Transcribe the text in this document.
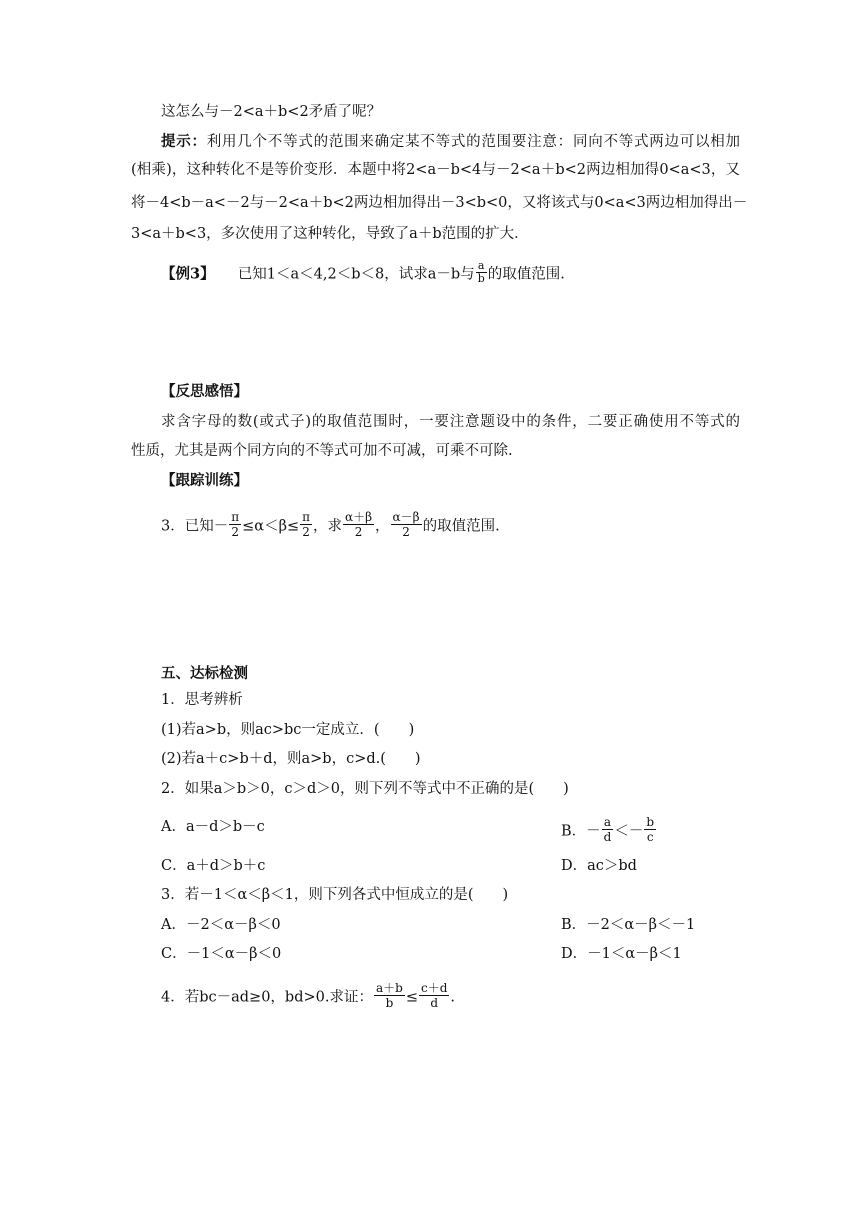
这怎么与－2<a＋b<2矛盾了呢？
提示：利用几个不等式的范围来确定某不等式的范围要注意：同向不等式两边可以相加
(相乘)，这种转化不是等价变形．本题中将2<a－b<4与－2<a＋b<2两边相加得0<a<3，又
将－4<b－a<－2与－2<a＋b<2两边相加得出－3<b<0，又将该式与0<a<3两边相加得出－
3<a＋b<3，多次使用了这种转化，导致了a＋b范围的扩大．
【例3】 已知1＜a＜4,2＜b＜8，试求a－b与 $\frac{a}{b}$ 的取值范围.
【反思感悟】
求含字母的数(或式子)的取值范围时，一要注意题设中的条件，二要正确使用不等式的
性质，尤其是两个同方向的不等式可加不可减，可乘不可除.
【跟踪训练】
3．已知－ $\frac{\pi}{2} \le\alpha<\beta\le \frac{\pi}{2}$ ，求 $\frac{\alpha+\beta}{2}$ ， $\frac{\alpha-\beta}{2}$ 的取值范围.
五、达标检测
1．思考辨析
(1)若a>b，则ac>bc一定成立．(　　)
(2)若a＋c>b＋d，则a>b，c>d.(　　)
2．如果a＞b＞0，c＞d＞0，则下列不等式中不正确的是(　　)
A．a－d＞b－c	B．－ $\frac{a}{d} <- \frac{b}{c}$
C．a＋d＞b＋c	D．ac＞bd
3．若－1＜α＜β＜1，则下列各式中恒成立的是(　　)
A．－2＜α－β＜0	B．－2＜α－β＜－1
C．－1＜α－β＜0	D．－1＜α－β＜1
4．若bc－ad≥0，bd>0.求证： $\frac{a+b}{b} \le \frac{c+d}{d}$ .
